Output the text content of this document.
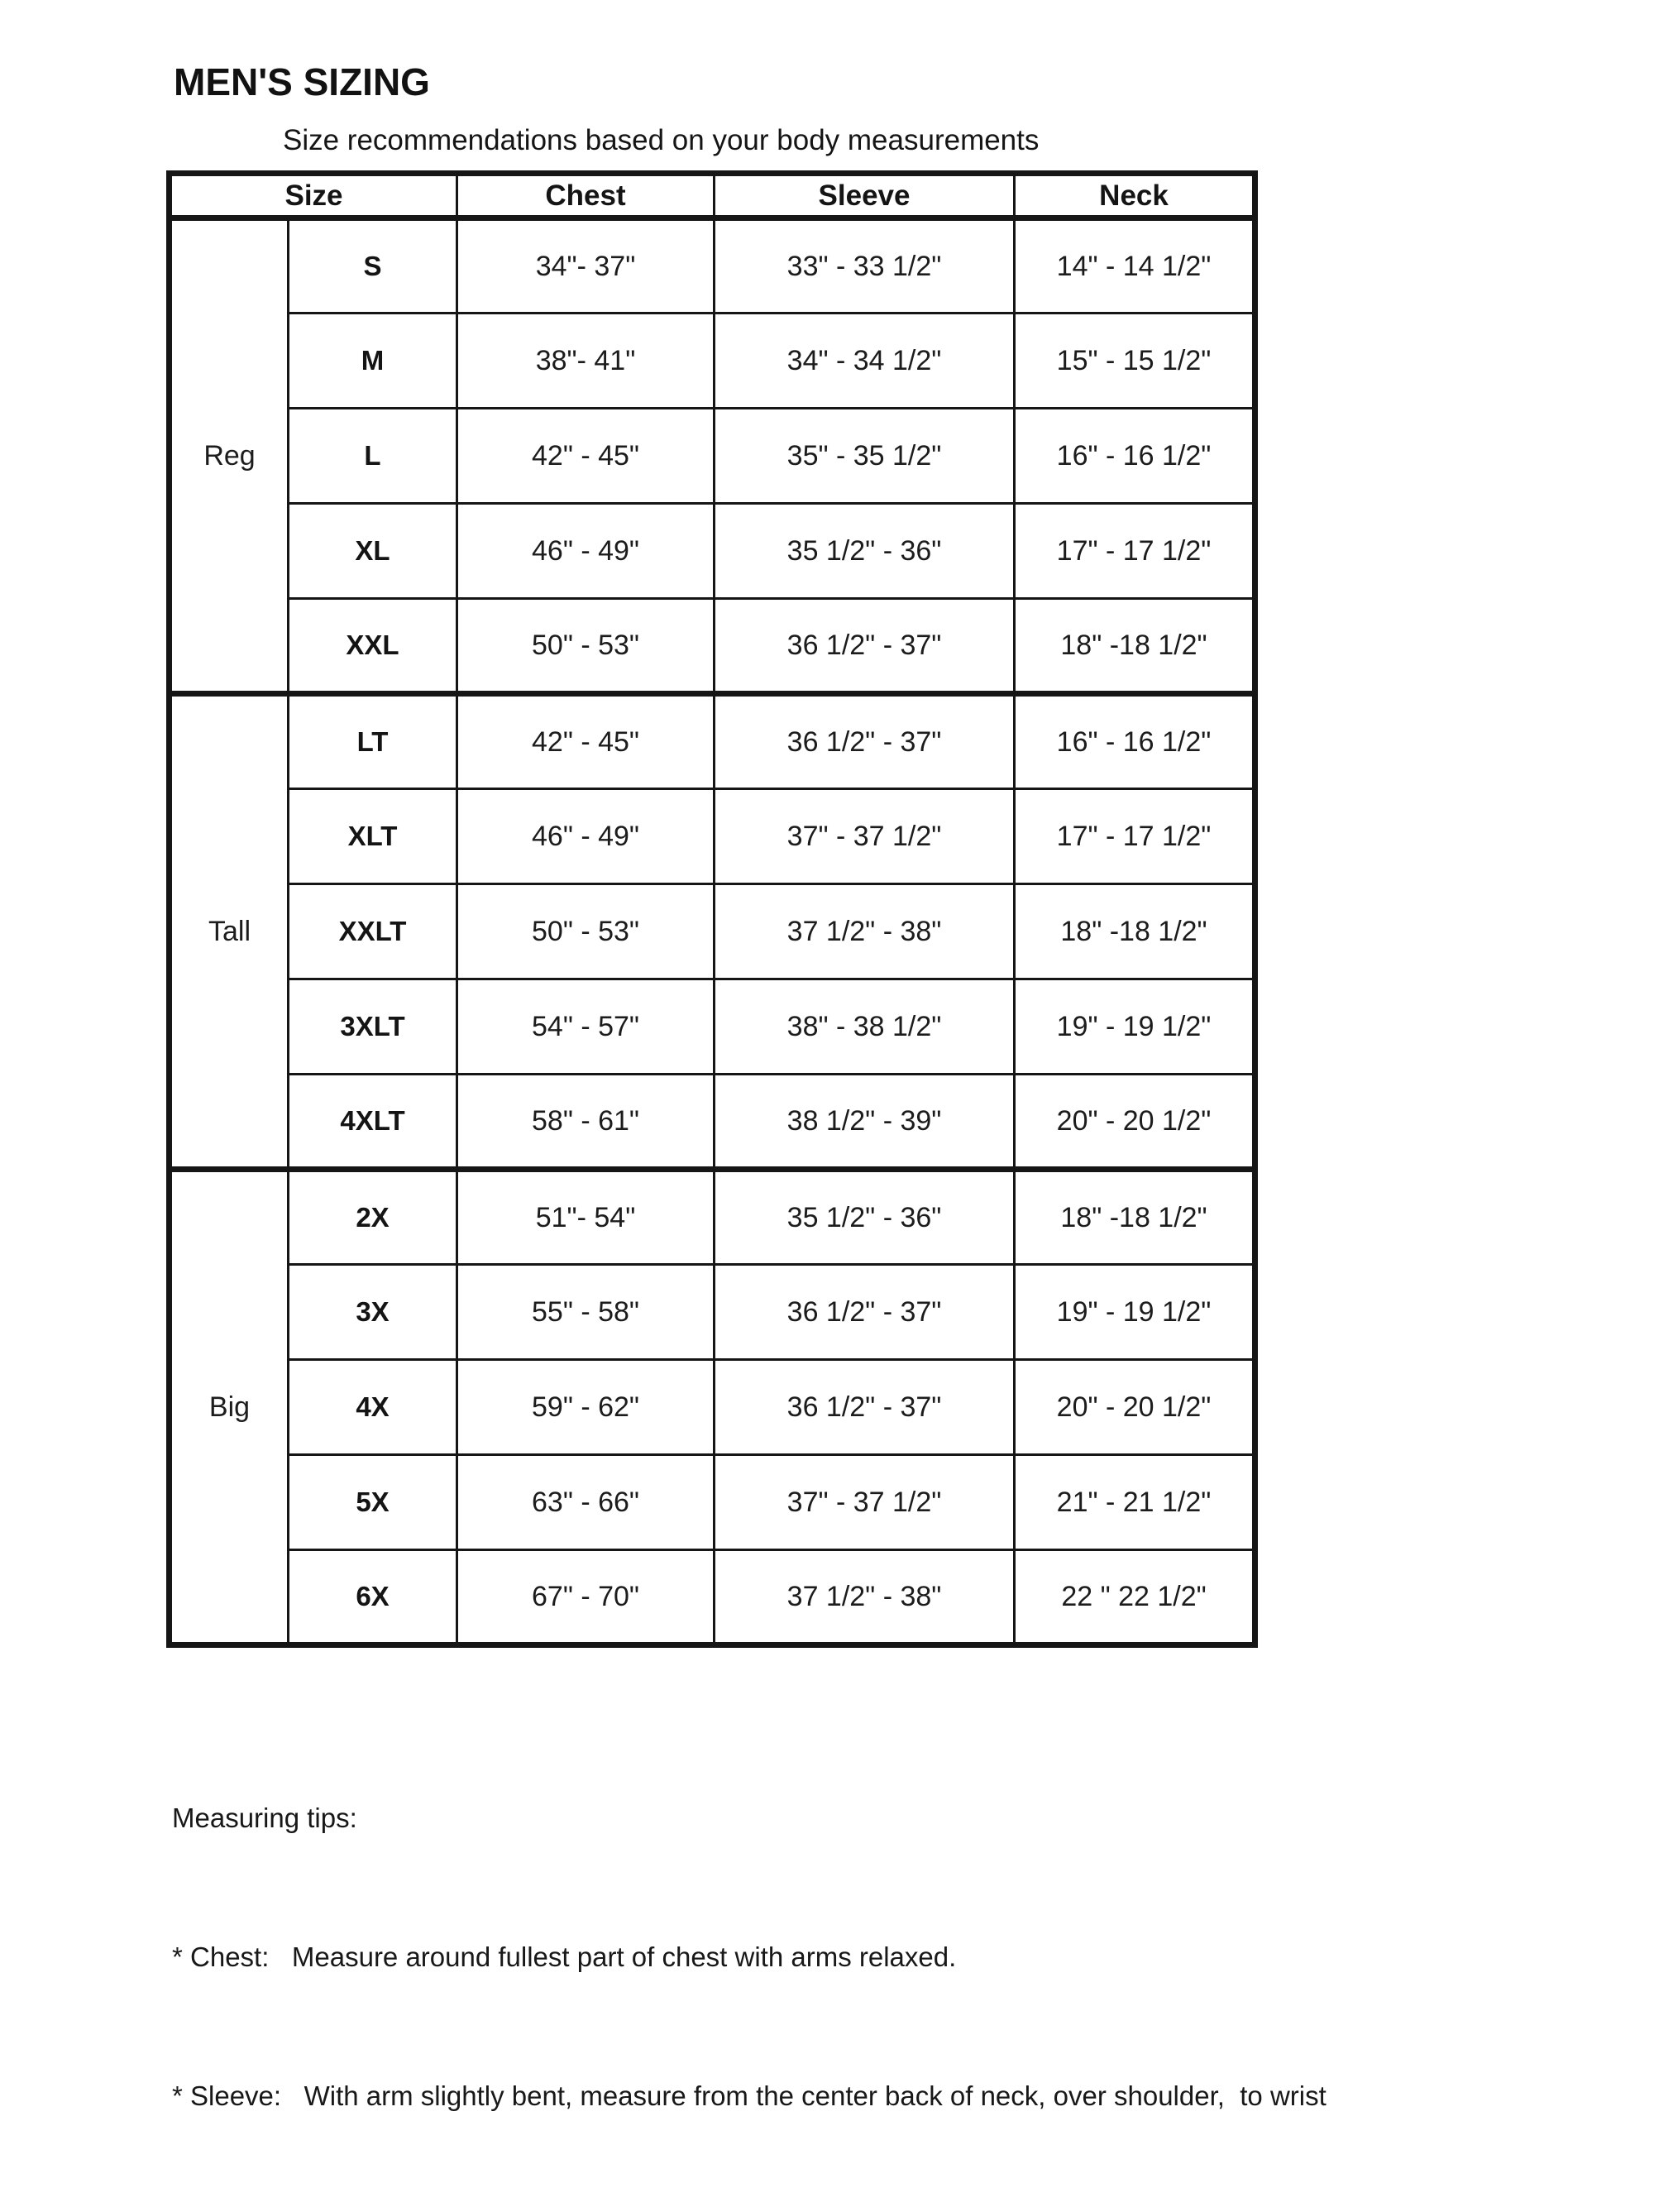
MEN'S SIZING
Size recommendations based on your body measurements
Size		Chest	Sleeve	Neck
Reg	S	34"- 37"	33" - 33 1/2"	14" - 14 1/2"
	M	38"- 41"	34" - 34 1/2"	15" - 15 1/2"
	L	42" - 45"	35" - 35 1/2"	16" - 16 1/2"
	XL	46" - 49"	35 1/2" - 36"	17" - 17 1/2"
	XXL	50" - 53"	36 1/2" - 37"	18" -18 1/2"
Tall	LT	42" - 45"	36 1/2" - 37"	16" - 16 1/2"
	XLT	46" - 49"	37" - 37 1/2"	17" - 17 1/2"
	XXLT	50" - 53"	37 1/2" - 38"	18" -18 1/2"
	3XLT	54" - 57"	38" - 38 1/2"	19" - 19 1/2"
	4XLT	58" - 61"	38 1/2" - 39"	20" - 20 1/2"
Big	2X	51"- 54"	35 1/2" - 36"	18" -18 1/2"
	3X	55" - 58"	36 1/2" - 37"	19" - 19 1/2"
	4X	59" - 62"	36 1/2" - 37"	20" - 20 1/2"
	5X	63" - 66"	37" - 37 1/2"	21" - 21 1/2"
	6X	67" - 70"	37 1/2" - 38"	22 " 22 1/2"

Measuring tips:

* Chest:   Measure around fullest part of chest with arms relaxed.

* Sleeve:   With arm slightly bent, measure from the center back of neck, over shoulder,  to wrist
